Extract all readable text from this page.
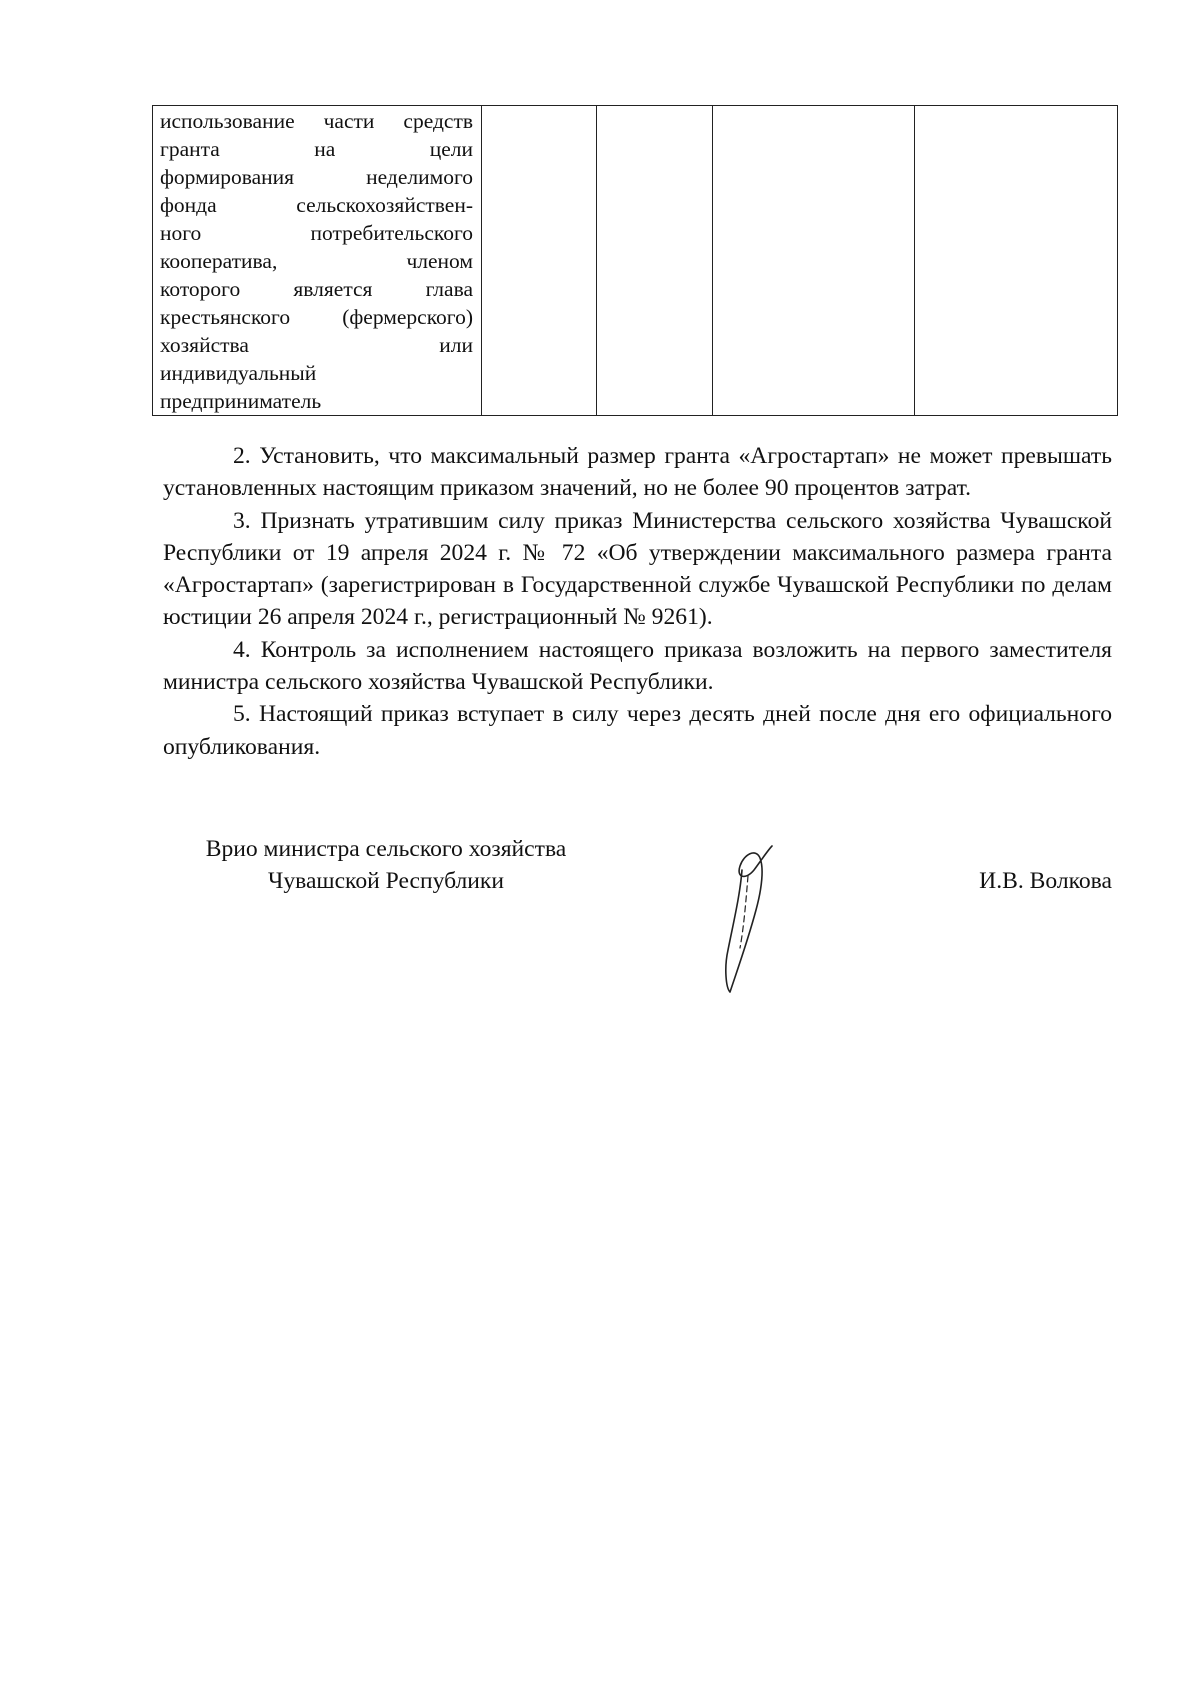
использование части средств
гранта на цели
формирования неделимого
фонда сельскохозяйствен-
ного потребительского
кооператива, членом
которого является глава
крестьянского (фермерского)
хозяйства или
индивидуальный
предприниматель

2. Установить, что максимальный размер гранта «Агростартап» не может превышать установленных настоящим приказом значений, но не более 90 процентов затрат.

3. Признать утратившим силу приказ Министерства сельского хозяйства Чувашской Республики от 19 апреля 2024 г. № 72 «Об утверждении максимального размера гранта «Агростартап» (зарегистрирован в Государственной службе Чувашской Республики по делам юстиции 26 апреля 2024 г., регистрационный № 9261).

4. Контроль за исполнением настоящего приказа возложить на первого заместителя министра сельского хозяйства Чувашской Республики.

5. Настоящий приказ вступает в силу через десять дней после дня его официального опубликования.

Врио министра сельского хозяйства
Чувашской Республики	И.В. Волкова
